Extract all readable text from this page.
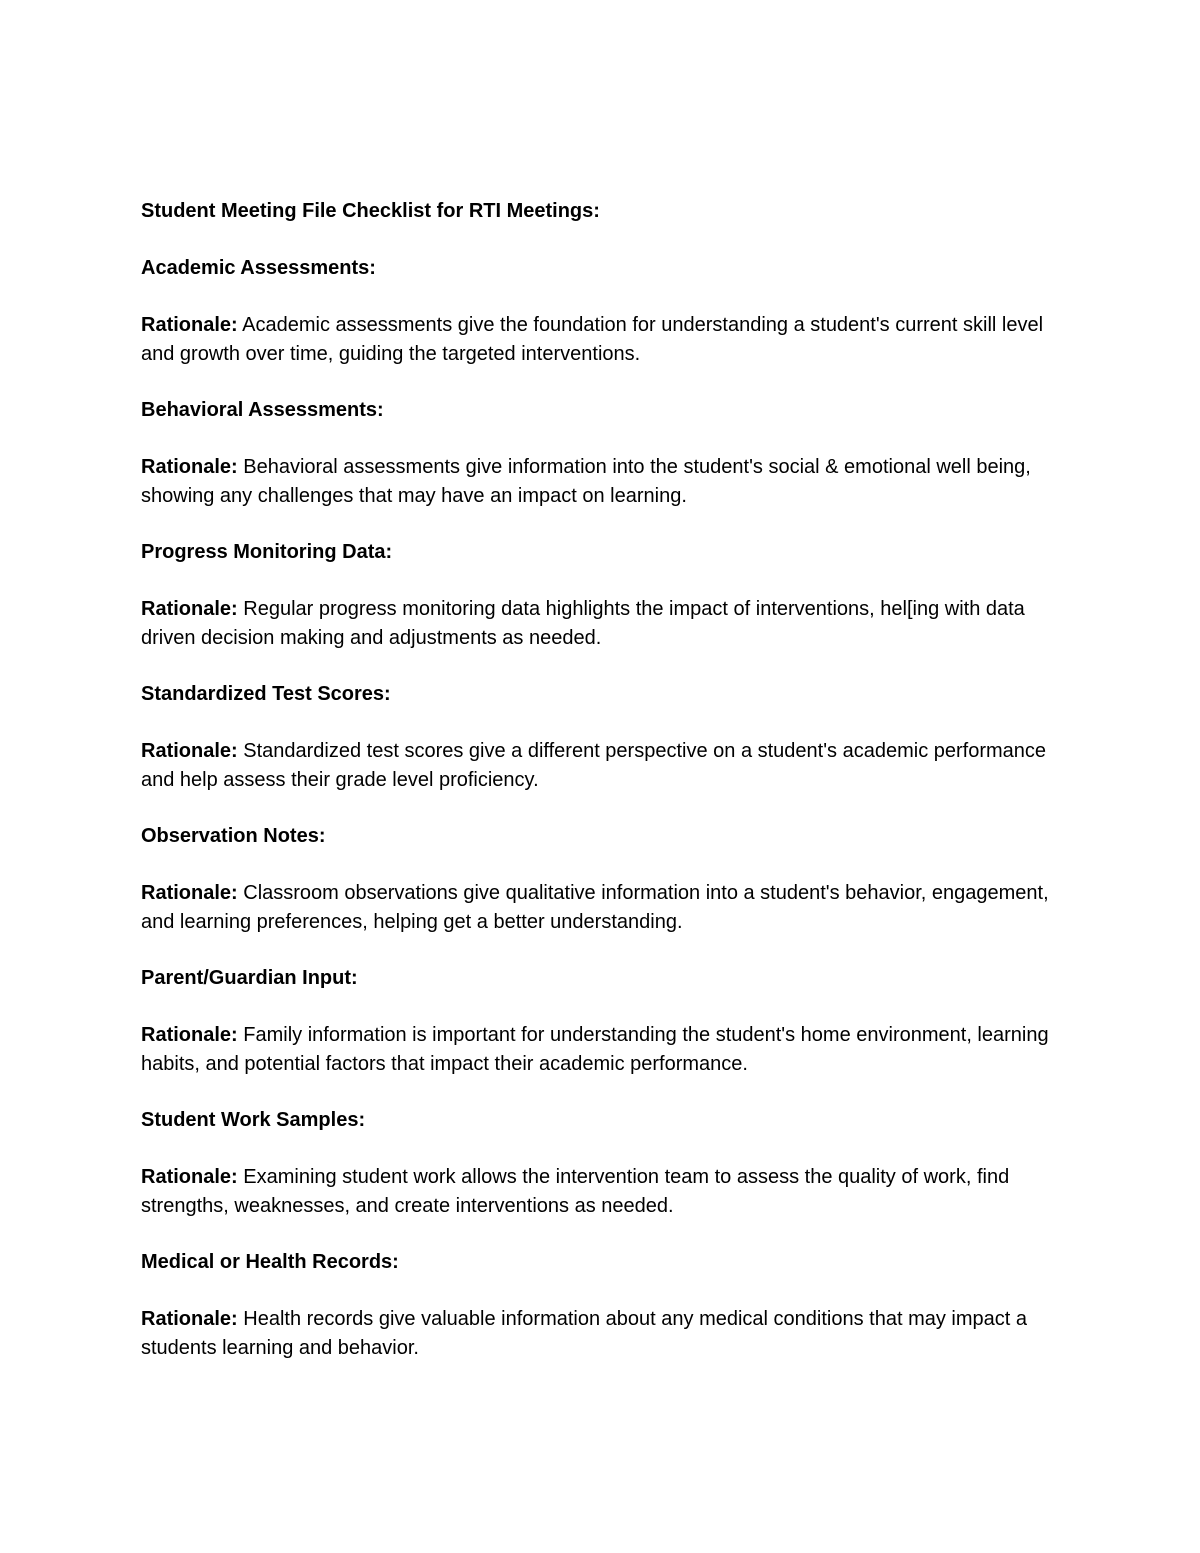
Student Meeting File Checklist for RTI Meetings:

Academic Assessments:

Rationale: Academic assessments give the foundation for understanding a student's current skill level and growth over time, guiding the targeted interventions.

Behavioral Assessments:

Rationale: Behavioral assessments give information into the student's social & emotional well being, showing any challenges that may have an impact on learning.

Progress Monitoring Data:

Rationale: Regular progress monitoring data highlights the impact of interventions, hel[ing with data driven decision making and adjustments as needed.

Standardized Test Scores:

Rationale: Standardized test scores give a different perspective on a student's academic performance and help assess their grade level proficiency.

Observation Notes:

Rationale: Classroom observations give qualitative information into a student's behavior, engagement, and learning preferences, helping get a better understanding.

Parent/Guardian Input:

Rationale: Family information is important for understanding the student's home environment, learning habits, and potential factors that impact their academic performance.

Student Work Samples:

Rationale: Examining student work allows the intervention team to assess the quality of work, find strengths, weaknesses, and create interventions as needed.

Medical or Health Records:

Rationale: Health records give valuable information about any medical conditions that may impact a students learning and behavior.
